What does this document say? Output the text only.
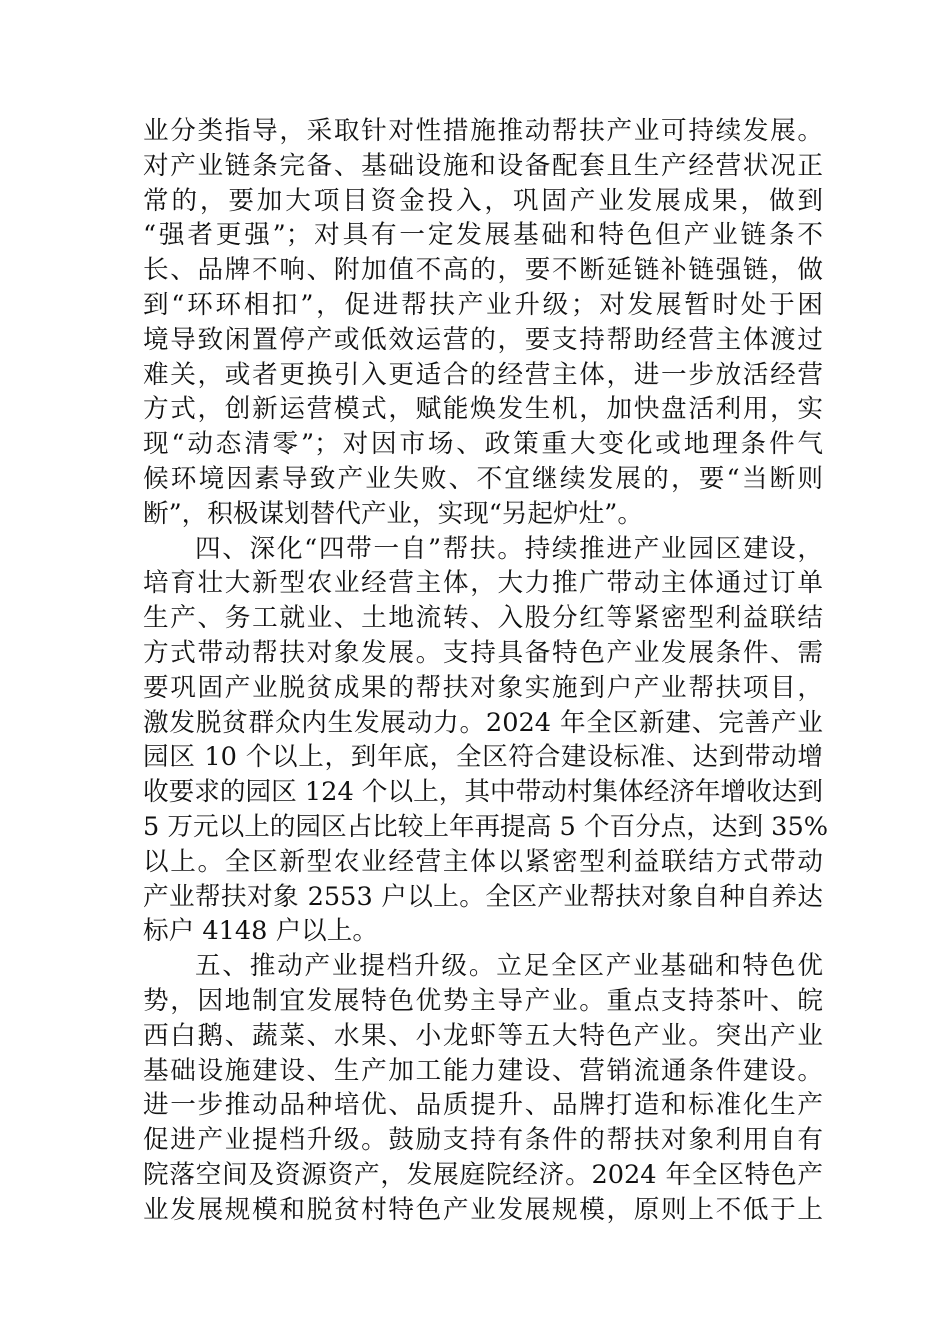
业分类指导，采取针对性措施推动帮扶产业可持续发展。
对产业链条完备、基础设施和设备配套且生产经营状况正
常的，要加大项目资金投入，巩固产业发展成果，做到
“强者更强”；对具有一定发展基础和特色但产业链条不
长、品牌不响、附加值不高的，要不断延链补链强链，做
到“环环相扣”，促进帮扶产业升级；对发展暂时处于困
境导致闲置停产或低效运营的，要支持帮助经营主体渡过
难关，或者更换引入更适合的经营主体，进一步放活经营
方式，创新运营模式，赋能焕发生机，加快盘活利用，实
现“动态清零”；对因市场、政策重大变化或地理条件气
候环境因素导致产业失败、不宜继续发展的，要“当断则
断”，积极谋划替代产业，实现“另起炉灶”。
四、深化“四带一自”帮扶。持续推进产业园区建设，
培育壮大新型农业经营主体，大力推广带动主体通过订单
生产、务工就业、土地流转、入股分红等紧密型利益联结
方式带动帮扶对象发展。支持具备特色产业发展条件、需
要巩固产业脱贫成果的帮扶对象实施到户产业帮扶项目，
激发脱贫群众内生发展动力。2024 年全区新建、完善产业
园区 10 个以上，到年底，全区符合建设标准、达到带动增
收要求的园区 124 个以上，其中带动村集体经济年增收达到
5 万元以上的园区占比较上年再提高 5 个百分点，达到 35%
以上。全区新型农业经营主体以紧密型利益联结方式带动
产业帮扶对象 2553 户以上。全区产业帮扶对象自种自养达
标户 4148 户以上。
五、推动产业提档升级。立足全区产业基础和特色优
势，因地制宜发展特色优势主导产业。重点支持茶叶、皖
西白鹅、蔬菜、水果、小龙虾等五大特色产业。突出产业
基础设施建设、生产加工能力建设、营销流通条件建设。
进一步推动品种培优、品质提升、品牌打造和标准化生产
促进产业提档升级。鼓励支持有条件的帮扶对象利用自有
院落空间及资源资产，发展庭院经济。2024 年全区特色产
业发展规模和脱贫村特色产业发展规模，原则上不低于上
